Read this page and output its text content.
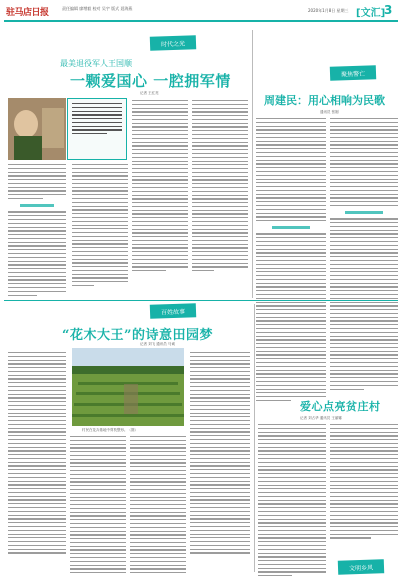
驻马店日报	责任编辑 廖增毅 校对 吴宇 版式 聂海燕	2020年1月8日 星期三 [文汇]
3
时代之光
最美退役军人王国顺
一颗爱国心 一腔拥军情
记者 王红亮
聚焦警亡
周建民：用心相响为民歌
通讯员 张刚
百姓故事
“花木大王”的诗意田园梦
记者 刘飞 通讯员 马诚
村民在花卉基地中剪枝整形。（图）
爱心点亮贫庄村
记者 刘占华 通讯员 王丽娜
文明乡风
